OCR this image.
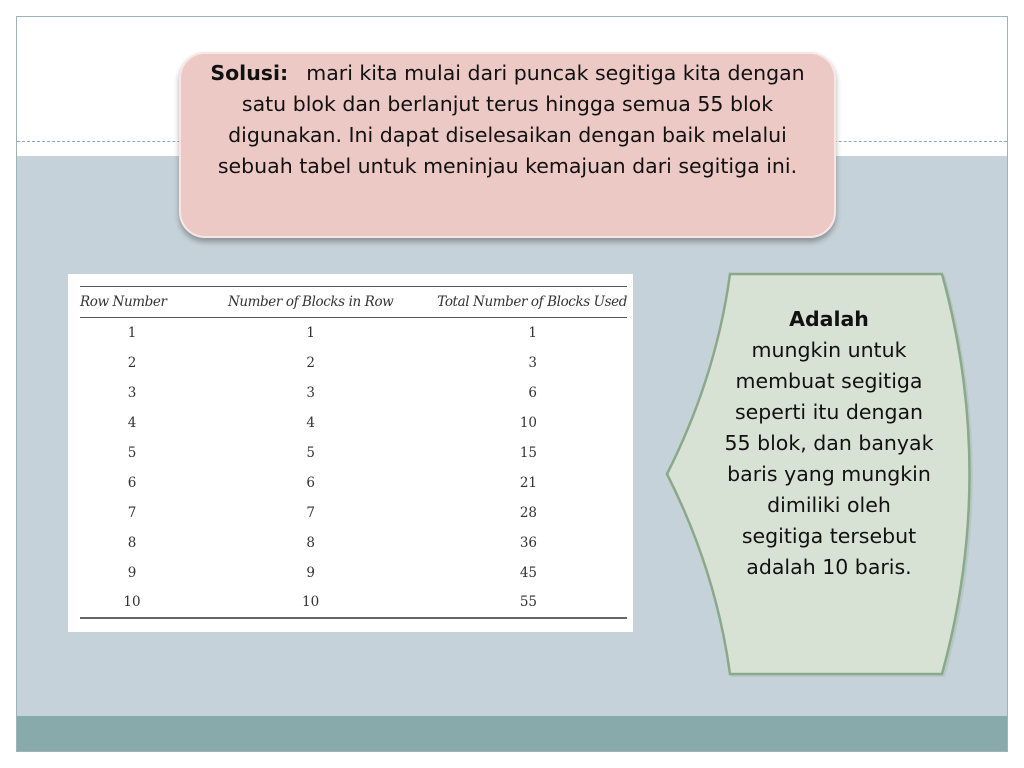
Solusi: mari kita mulai dari puncak segitiga kita dengan satu blok dan berlanjut terus hingga semua 55 blok digunakan. Ini dapat diselesaikan dengan baik melalui sebuah tabel untuk meninjau kemajuan dari segitiga ini.
Row Number	Number of Blocks in Row	Total Number of Blocks Used
1	1	1
2	2	3
3	3	6
4	4	10
5	5	15
6	6	21
7	7	28
8	8	36
9	9	45
10	10	55
Adalah
mungkin untuk membuat segitiga seperti itu dengan 55 blok, dan banyak baris yang mungkin dimiliki oleh segitiga tersebut adalah 10 baris.
